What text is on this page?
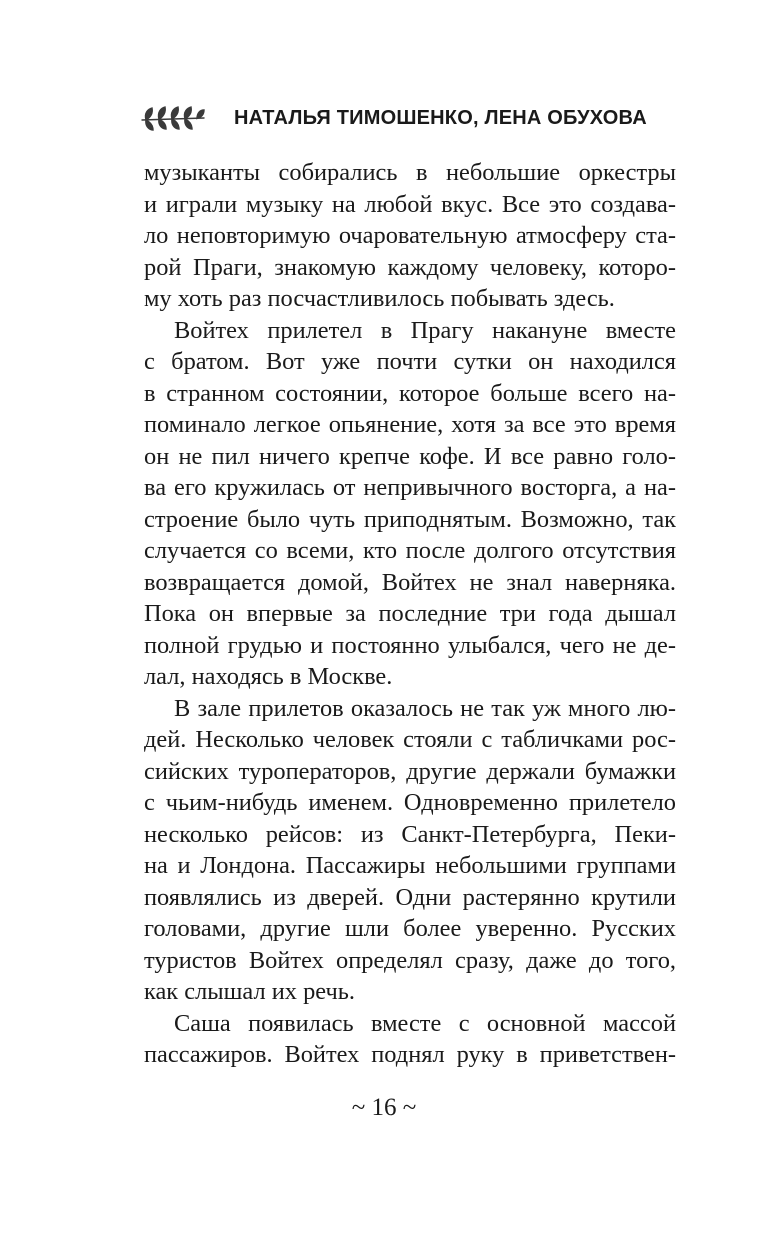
НАТАЛЬЯ ТИМОШЕНКО, ЛЕНА ОБУХОВА
музыканты собирались в небольшие оркестры
и играли музыку на любой вкус. Все это создава-
ло неповторимую очаровательную атмосферу ста-
рой Праги, знакомую каждому человеку, которо-
му хоть раз посчастливилось побывать здесь.
Войтех прилетел в Прагу накануне вместе
с братом. Вот уже почти сутки он находился
в странном состоянии, которое больше всего на-
поминало легкое опьянение, хотя за все это время
он не пил ничего крепче кофе. И все равно голо-
ва его кружилась от непривычного восторга, а на-
строение было чуть приподнятым. Возможно, так
случается со всеми, кто после долгого отсутствия
возвращается домой, Войтех не знал наверняка.
Пока он впервые за последние три года дышал
полной грудью и постоянно улыбался, чего не де-
лал, находясь в Москве.
В зале прилетов оказалось не так уж много лю-
дей. Несколько человек стояли с табличками рос-
сийских туроператоров, другие держали бумажки
с чьим-нибудь именем. Одновременно прилетело
несколько рейсов: из Санкт-Петербурга, Пеки-
на и Лондона. Пассажиры небольшими группами
появлялись из дверей. Одни растерянно крутили
головами, другие шли более уверенно. Русских
туристов Войтех определял сразу, даже до того,
как слышал их речь.
Саша появилась вместе с основной массой
пассажиров. Войтех поднял руку в приветствен-
~ 16 ~
